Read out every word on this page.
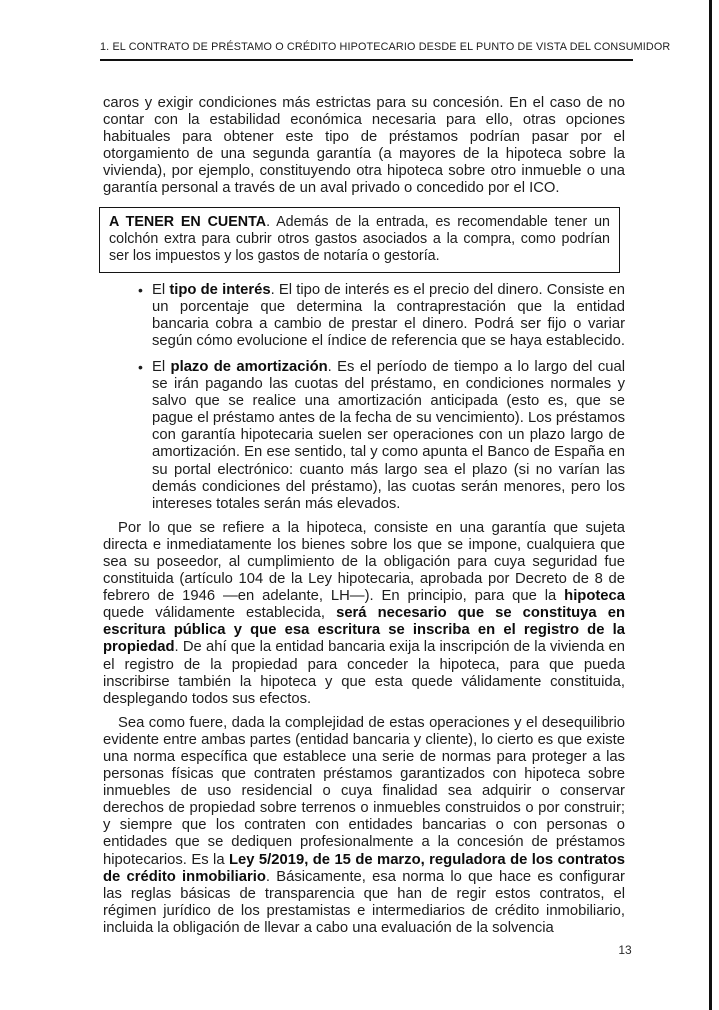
1. EL CONTRATO DE PRÉSTAMO O CRÉDITO HIPOTECARIO DESDE EL PUNTO DE VISTA DEL CONSUMIDOR

caros y exigir condiciones más estrictas para su concesión. En el caso de no contar con la estabilidad económica necesaria para ello, otras opciones habituales para obtener este tipo de préstamos podrían pasar por el otorgamiento de una segunda garantía (a mayores de la hipoteca sobre la vivienda), por ejemplo, constituyendo otra hipoteca sobre otro inmueble o una garantía personal a través de un aval privado o concedido por el ICO.

A TENER EN CUENTA. Además de la entrada, es recomendable tener un colchón extra para cubrir otros gastos asociados a la compra, como podrían ser los impuestos y los gastos de notaría o gestoría.
• El tipo de interés. El tipo de interés es el precio del dinero. Consiste en un porcentaje que determina la contraprestación que la entidad bancaria cobra a cambio de prestar el dinero. Podrá ser fijo o variar según cómo evolucione el índice de referencia que se haya establecido.
• El plazo de amortización. Es el período de tiempo a lo largo del cual se irán pagando las cuotas del préstamo, en condiciones normales y salvo que se realice una amortización anticipada (esto es, que se pague el préstamo antes de la fecha de su vencimiento). Los préstamos con garantía hipotecaria suelen ser operaciones con un plazo largo de amortización. En ese sentido, tal y como apunta el Banco de España en su portal electrónico: cuanto más largo sea el plazo (si no varían las demás condiciones del préstamo), las cuotas serán menores, pero los intereses totales serán más elevados.

Por lo que se refiere a la hipoteca, consiste en una garantía que sujeta directa e inmediatamente los bienes sobre los que se impone, cualquiera que sea su poseedor, al cumplimiento de la obligación para cuya seguridad fue constituida (artículo 104 de la Ley hipotecaria, aprobada por Decreto de 8 de febrero de 1946 —en adelante, LH—). En principio, para que la hipoteca quede válidamente establecida, será necesario que se constituya en escritura pública y que esa escritura se inscriba en el registro de la propiedad. De ahí que la entidad bancaria exija la inscripción de la vivienda en el registro de la propiedad para conceder la hipoteca, para que pueda inscribirse también la hipoteca y que esta quede válidamente constituida, desplegando todos sus efectos.

Sea como fuere, dada la complejidad de estas operaciones y el desequilibrio evidente entre ambas partes (entidad bancaria y cliente), lo cierto es que existe una norma específica que establece una serie de normas para proteger a las personas físicas que contraten préstamos garantizados con hipoteca sobre inmuebles de uso residencial o cuya finalidad sea adquirir o conservar derechos de propiedad sobre terrenos o inmuebles construidos o por construir; y siempre que los contraten con entidades bancarias o con personas o entidades que se dediquen profesionalmente a la concesión de préstamos hipotecarios. Es la Ley 5/2019, de 15 de marzo, reguladora de los contratos de crédito inmobiliario. Básicamente, esa norma lo que hace es configurar las reglas básicas de transparencia que han de regir estos contratos, el régimen jurídico de los prestamistas e intermediarios de crédito inmobiliario, incluida la obligación de llevar a cabo una evaluación de la solvencia

13
